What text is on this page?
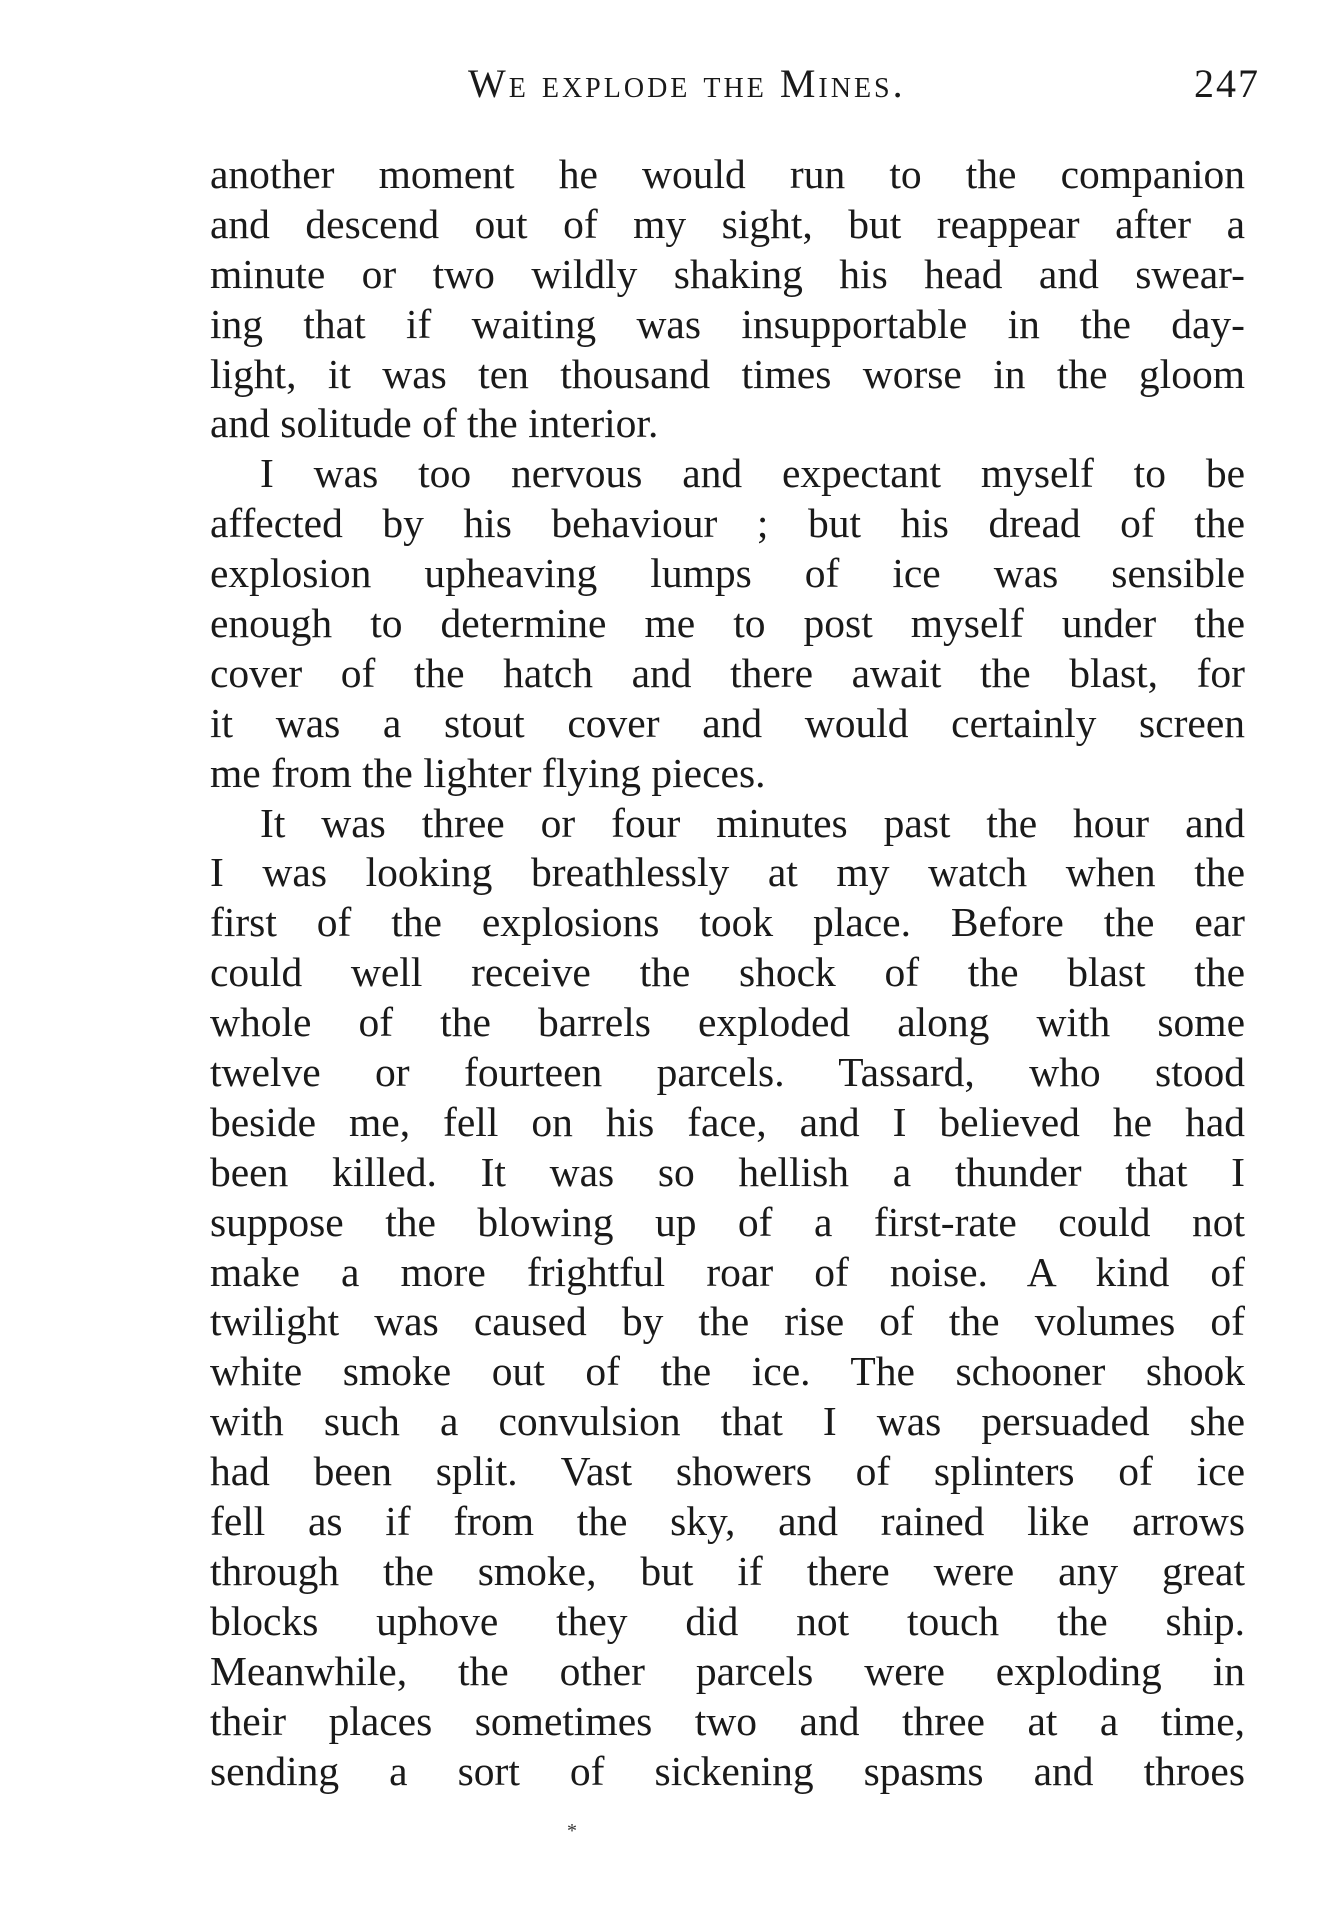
We explode the Mines.	247
another moment he would run to the companion
and descend out of my sight, but reappear after a
minute or two wildly shaking his head and swear-
ing that if waiting was insupportable in the day-
light, it was ten thousand times worse in the gloom
and solitude of the interior.
I was too nervous and expectant myself to be
affected by his behaviour ; but his dread of the
explosion upheaving lumps of ice was sensible
enough to determine me to post myself under the
cover of the hatch and there await the blast, for
it was a stout cover and would certainly screen
me from the lighter flying pieces.
It was three or four minutes past the hour and
I was looking breathlessly at my watch when the
first of the explosions took place. Before the ear
could well receive the shock of the blast the
whole of the barrels exploded along with some
twelve or fourteen parcels. Tassard, who stood
beside me, fell on his face, and I believed he had
been killed. It was so hellish a thunder that I
suppose the blowing up of a first-rate could not
make a more frightful roar of noise. A kind of
twilight was caused by the rise of the volumes of
white smoke out of the ice. The schooner shook
with such a convulsion that I was persuaded she
had been split. Vast showers of splinters of ice
fell as if from the sky, and rained like arrows
through the smoke, but if there were any great
blocks uphove they did not touch the ship.
Meanwhile, the other parcels were exploding in
their places sometimes two and three at a time,
sending a sort of sickening spasms and throes
*
